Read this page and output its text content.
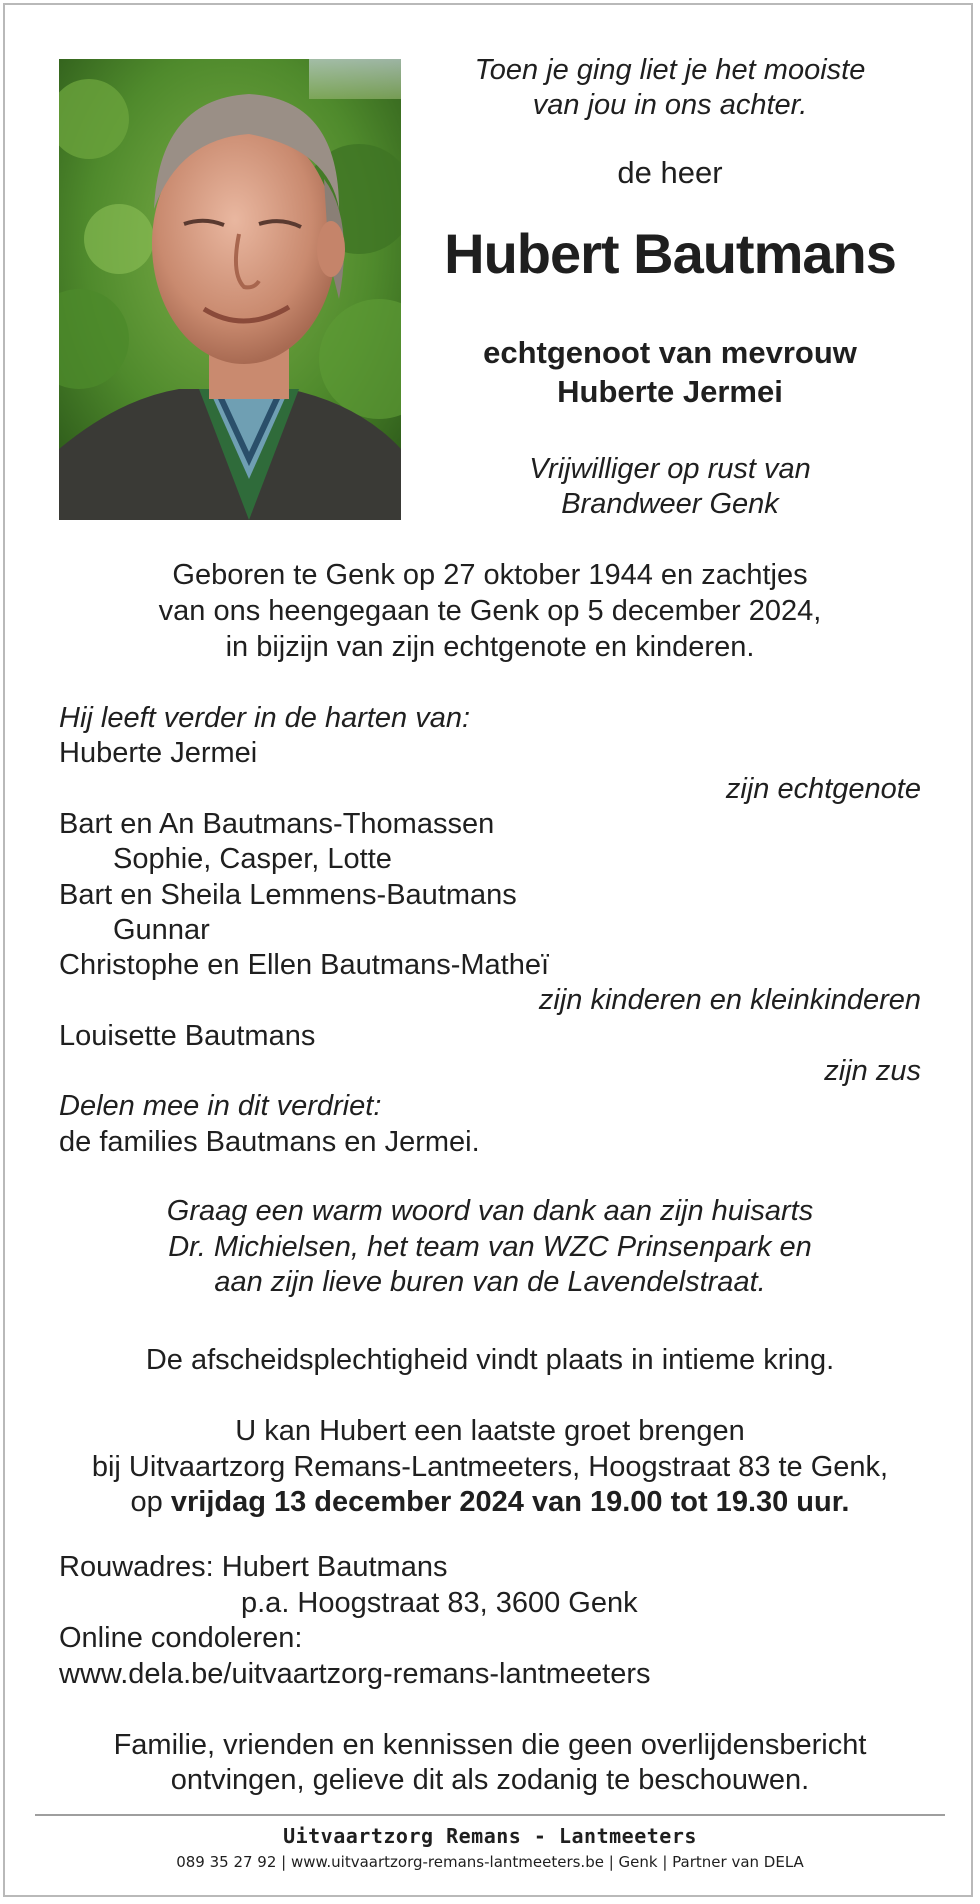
Toen je ging liet je het mooiste
van jou in ons achter.
de heer
Hubert Bautmans
echtgenoot van mevrouw
Huberte Jermei
Vrijwilliger op rust van
Brandweer Genk
Geboren te Genk op 27 oktober 1944 en zachtjes
van ons heengegaan te Genk op 5 december 2024,
in bijzijn van zijn echtgenote en kinderen.
Hij leeft verder in de harten van:
Huberte Jermei
zijn echtgenote
Bart en An Bautmans-Thomassen
Sophie, Casper, Lotte
Bart en Sheila Lemmens-Bautmans
Gunnar
Christophe en Ellen Bautmans-Matheï
zijn kinderen en kleinkinderen
Louisette Bautmans
zijn zus
Delen mee in dit verdriet:
de families Bautmans en Jermei.
Graag een warm woord van dank aan zijn huisarts
Dr. Michielsen, het team van WZC Prinsenpark en
aan zijn lieve buren van de Lavendelstraat.
De afscheidsplechtigheid vindt plaats in intieme kring.
U kan Hubert een laatste groet brengen
bij Uitvaartzorg Remans-Lantmeeters, Hoogstraat 83 te Genk,
op vrijdag 13 december 2024 van 19.00 tot 19.30 uur.
Rouwadres: Hubert Bautmans
p.a. Hoogstraat 83, 3600 Genk
Online condoleren:
www.dela.be/uitvaartzorg-remans-lantmeeters
Familie, vrienden en kennissen die geen overlijdensbericht
ontvingen, gelieve dit als zodanig te beschouwen.
Uitvaartzorg Remans - Lantmeeters
089 35 27 92 | www.uitvaartzorg-remans-lantmeeters.be | Genk | Partner van DELA
